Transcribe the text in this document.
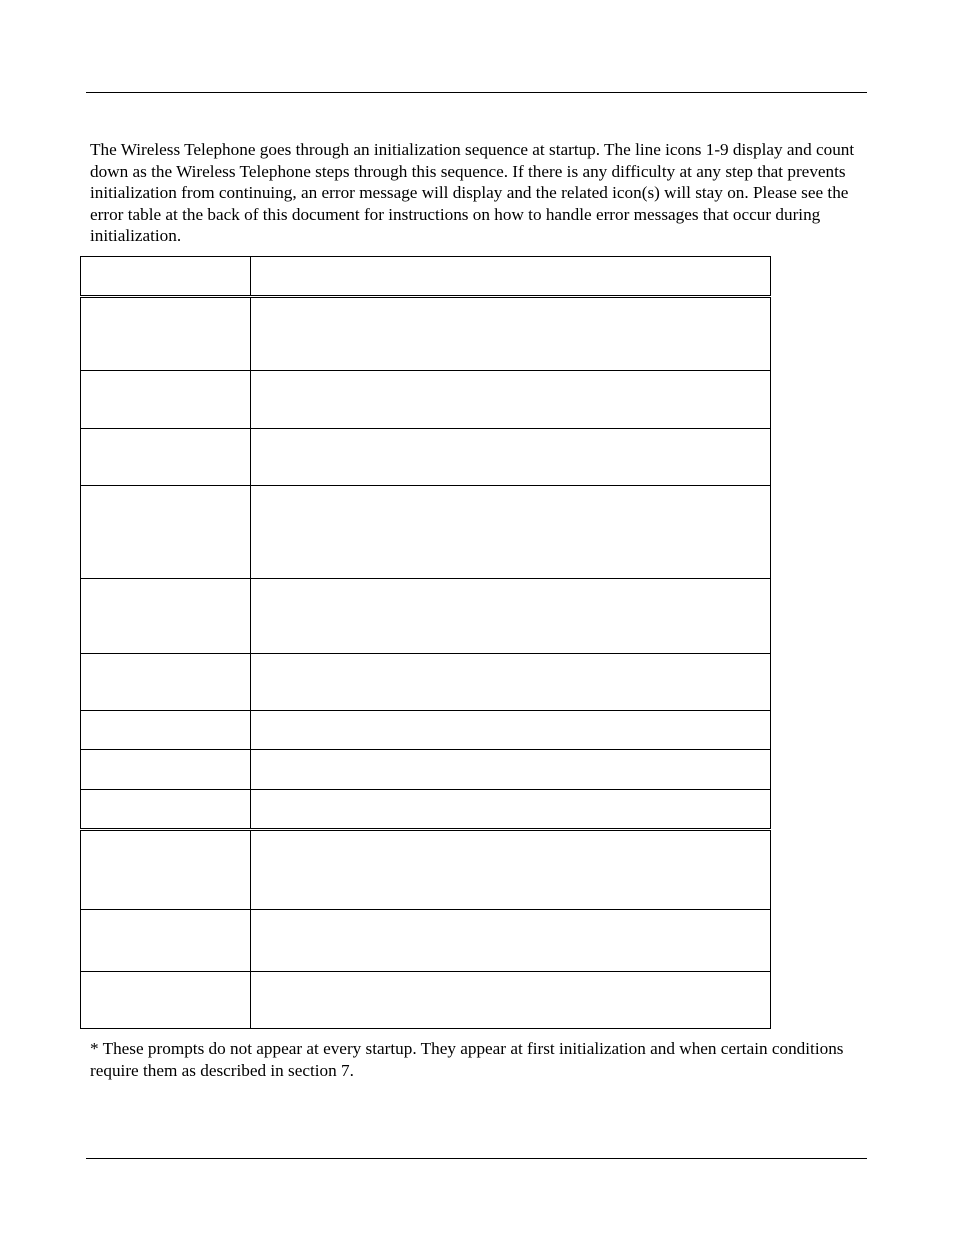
The Wireless Telephone goes through an initialization sequence at startup. The line icons 1-9 display and count down as the Wireless Telephone steps through this sequence. If there is any difficulty at any step that prevents initialization from continuing, an error message will display and the related icon(s) will stay on. Please see the error table at the back of this document for instructions on how to handle error messages that occur during initialization.

* These prompts do not appear at every startup. They appear at first initialization and when certain conditions require them as described in section 7.
